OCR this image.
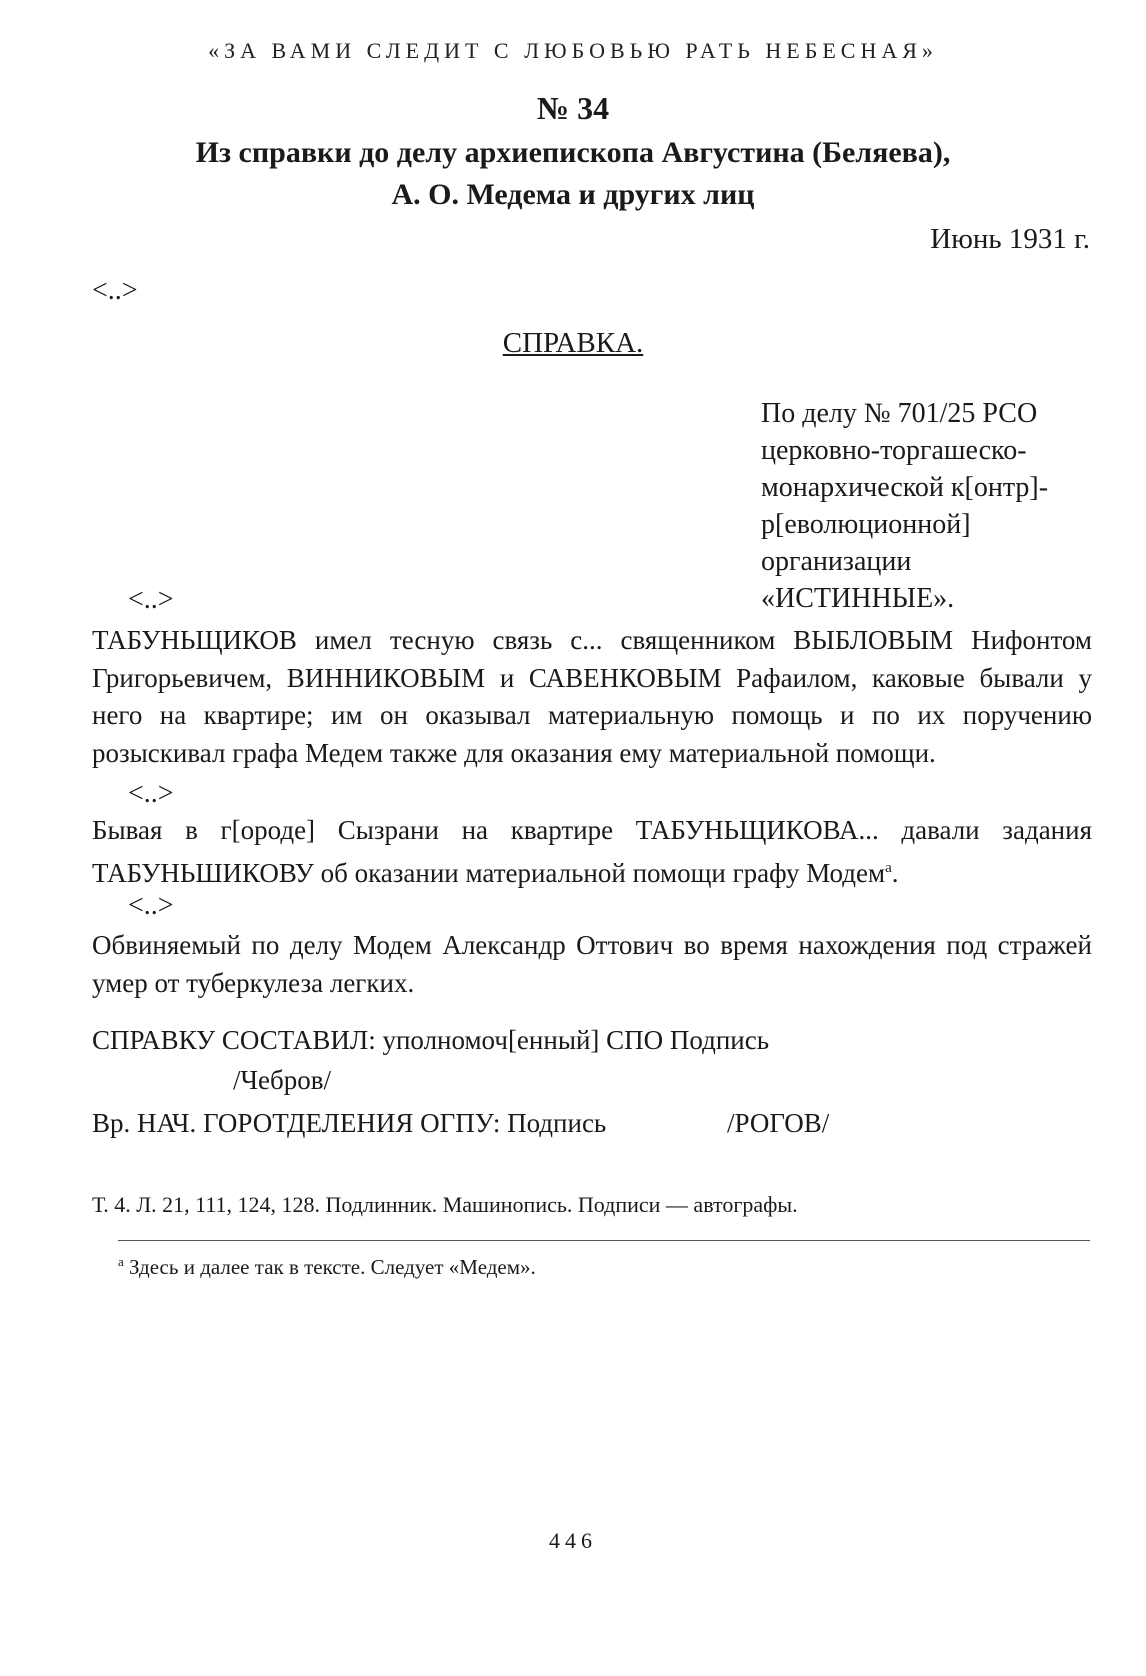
«ЗА ВАМИ СЛЕДИТ С ЛЮБОВЬЮ РАТЬ НЕБЕСНАЯ»
№ 34
Из справки до делу архиепископа Августина (Беляева),
А. О. Медема и других лиц
Июнь 1931 г.
<..>
СПРАВКА.
По делу № 701/25 РСО церковно-торгашеско-монархической к[онтр]-р[еволюционной] организации «ИСТИННЫЕ».
<..>
ТАБУНЬЩИКОВ имел тесную связь с... священником ВЫБЛОВЫМ Нифонтом Григорьевичем, ВИННИКОВЫМ и САВЕНКОВЫМ Рафаилом, каковые бывали у него на квартире; им он оказывал материальную помощь и по их поручению розыскивал графа Медем также для оказания ему материальной помощи.
<..>
Бывая в г[ороде] Сызрани на квартире ТАБУНЬЩИКОВА... давали задания ТАБУНЬШИКОВУ об оказании материальной помощи графу Модем$^а$.
<..>
Обвиняемый по делу Модем Александр Оттович во время нахождения под стражей умер от туберкулеза легких.
СПРАВКУ СОСТАВИЛ: уполномоч[енный] СПО Подпись
/Чебров/
Вр. НАЧ. ГОРОТДЕЛЕНИЯ ОГПУ: Подпись	/РОГОВ/
Т. 4. Л. 21, 111, 124, 128. Подлинник. Машинопись. Подписи — автографы.
$^а$ Здесь и далее так в тексте. Следует «Медем».
446
